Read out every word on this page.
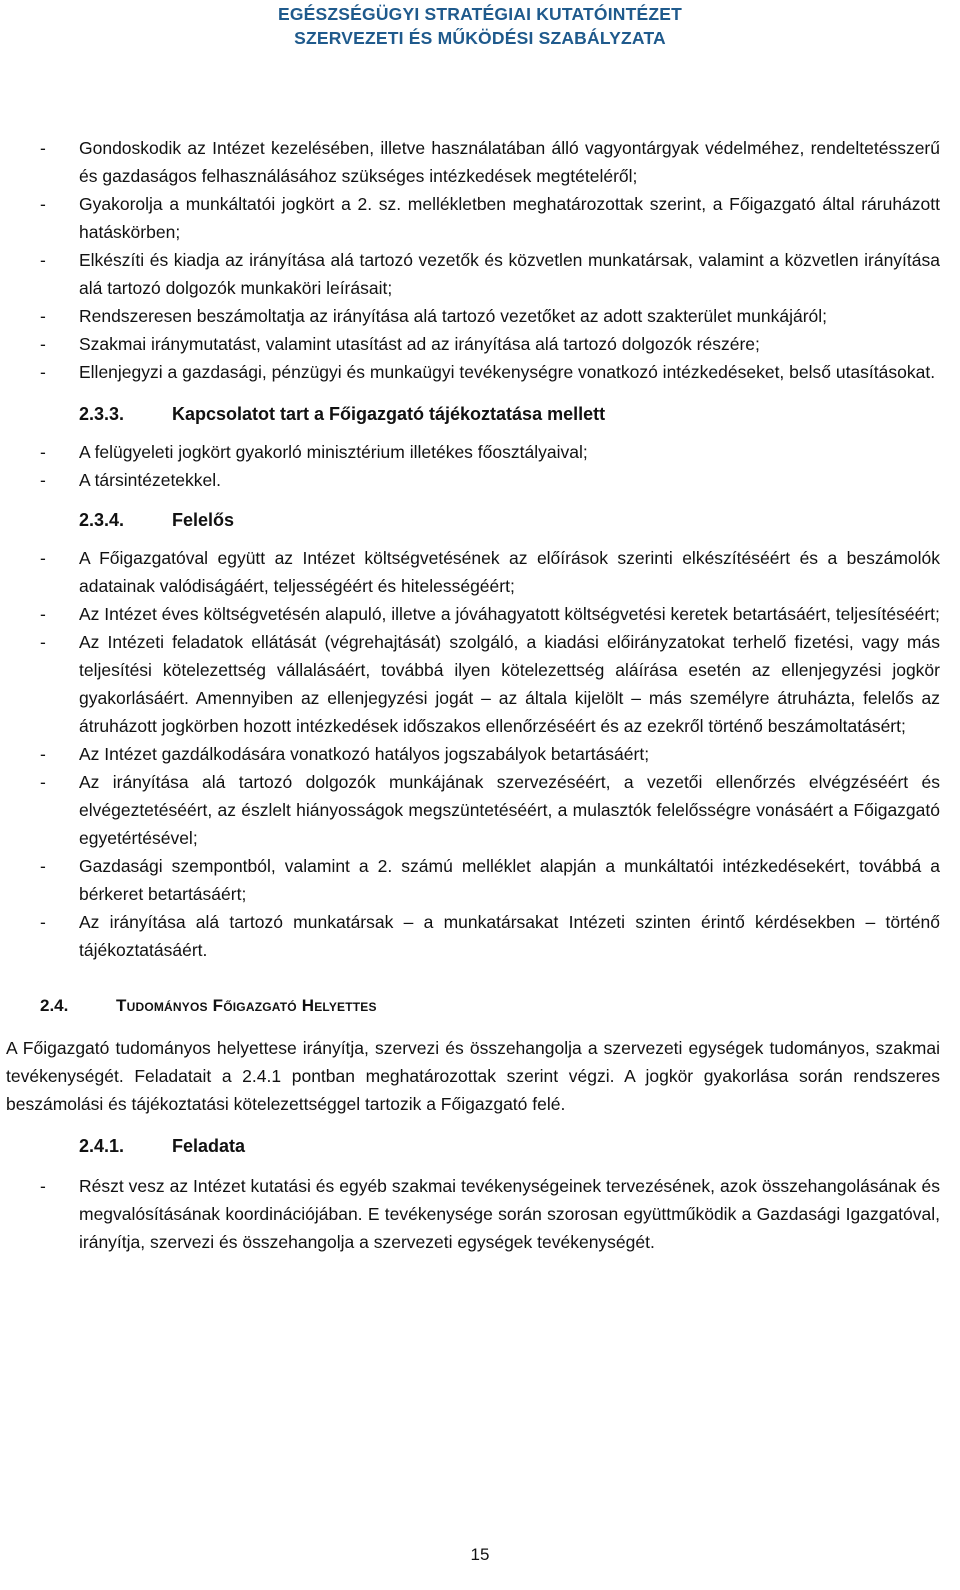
EGÉSZSÉGÜGYI STRATÉGIAI KUTATÓINTÉZET
SZERVEZETI ÉS MŰKÖDÉSI SZABÁLYZATA
- Gondoskodik az Intézet kezelésében, illetve használatában álló vagyontárgyak védelméhez, rendeltetésszerű és gazdaságos felhasználásához szükséges intézkedések megtételéről;
- Gyakorolja a munkáltatói jogkört a 2. sz. mellékletben meghatározottak szerint, a Főigazgató által ráruházott hatáskörben;
- Elkészíti és kiadja az irányítása alá tartozó vezetők és közvetlen munkatársak, valamint a közvetlen irányítása alá tartozó dolgozók munkaköri leírásait;
- Rendszeresen beszámoltatja az irányítása alá tartozó vezetőket az adott szakterület munkájáról;
- Szakmai iránymutatást, valamint utasítást ad az irányítása alá tartozó dolgozók részére;
- Ellenjegyzi a gazdasági, pénzügyi és munkaügyi tevékenységre vonatkozó intézkedéseket, belső utasításokat.
2.3.3.	Kapcsolatot tart a Főigazgató tájékoztatása mellett
- A felügyeleti jogkört gyakorló minisztérium illetékes főosztályaival;
- A társintézetekkel.
2.3.4.	Felelős
- A Főigazgatóval együtt az Intézet költségvetésének az előírások szerinti elkészítéséért és a beszámolók adatainak valódiságáért, teljességéért és hitelességéért;
- Az Intézet éves költségvetésén alapuló, illetve a jóváhagyatott költségvetési keretek betartásáért, teljesítéséért;
- Az Intézeti feladatok ellátását (végrehajtását) szolgáló, a kiadási előirányzatokat terhelő fizetési, vagy más teljesítési kötelezettség vállalásáért, továbbá ilyen kötelezettség aláírása esetén az ellenjegyzési jogkör gyakorlásáért. Amennyiben az ellenjegyzési jogát – az általa kijelölt – más személyre átruházta, felelős az átruházott jogkörben hozott intézkedések időszakos ellenőrzéséért és az ezekről történő beszámoltatásért;
- Az Intézet gazdálkodására vonatkozó hatályos jogszabályok betartásáért;
- Az irányítása alá tartozó dolgozók munkájának szervezéséért, a vezetői ellenőrzés elvégzéséért és elvégeztetéséért, az észlelt hiányosságok megszüntetéséért, a mulasztók felelősségre vonásáért a Főigazgató egyetértésével;
- Gazdasági szempontból, valamint a 2. számú melléklet alapján a munkáltatói intézkedésekért, továbbá a bérkeret betartásáért;
- Az irányítása alá tartozó munkatársak – a munkatársakat Intézeti szinten érintő kérdésekben – történő tájékoztatásáért.
2.4.	Tudományos Főigazgató Helyettes
A Főigazgató tudományos helyettese irányítja, szervezi és összehangolja a szervezeti egységek tudományos, szakmai tevékenységét. Feladatait a 2.4.1 pontban meghatározottak szerint végzi. A jogkör gyakorlása során rendszeres beszámolási és tájékoztatási kötelezettséggel tartozik a Főigazgató felé.
2.4.1.	Feladata
- Részt vesz az Intézet kutatási és egyéb szakmai tevékenységeinek tervezésének, azok összehangolásának és megvalósításának koordinációjában. E tevékenysége során szorosan együttműködik a Gazdasági Igazgatóval, irányítja, szervezi és összehangolja a szervezeti egységek tevékenységét.
15
